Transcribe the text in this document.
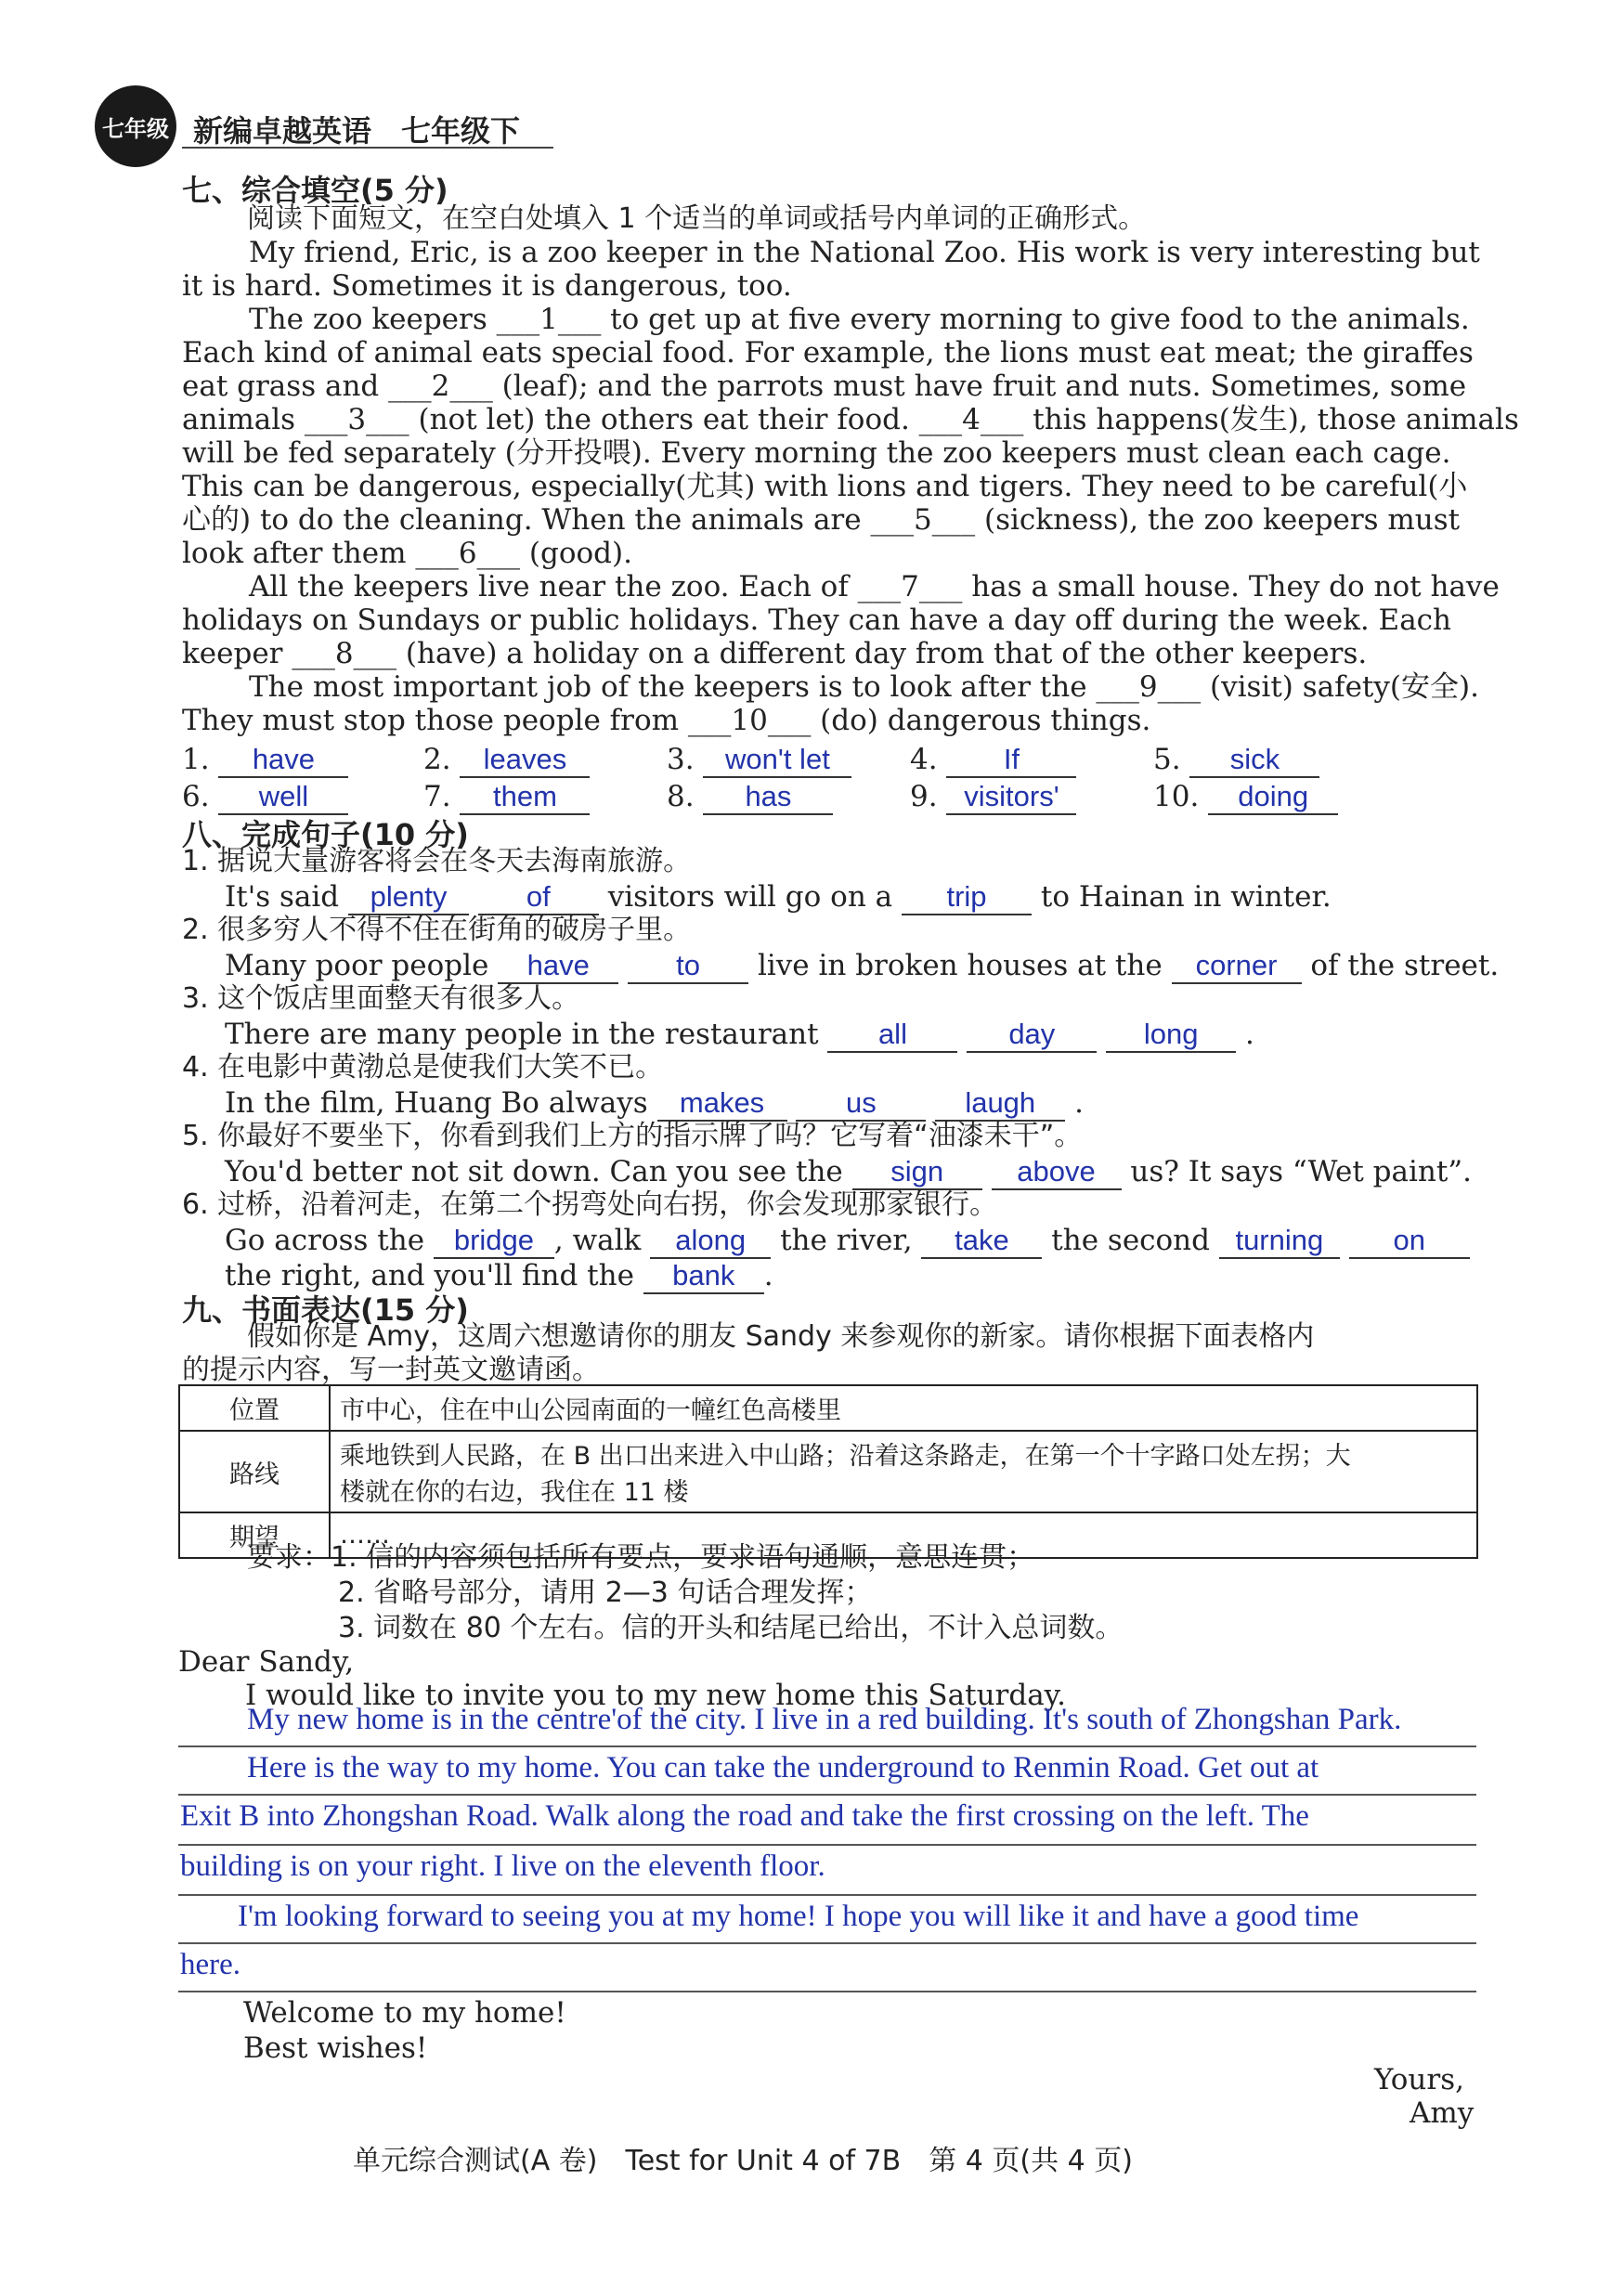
七年级 新编卓越英语　七年级下
七、综合填空(5 分)
阅读下面短文，在空白处填入 1 个适当的单词或括号内单词的正确形式。
My friend, Eric, is a zoo keeper in the National Zoo. His work is very interesting but
it is hard. Sometimes it is dangerous, too.
The zoo keepers ___1___ to get up at five every morning to give food to the animals.
Each kind of animal eats special food. For example, the lions must eat meat; the giraffes
eat grass and ___2___ (leaf); and the parrots must have fruit and nuts. Sometimes, some
animals ___3___ (not let) the others eat their food. ___4___ this happens(发生), those animals
will be fed separately (分开投喂). Every morning the zoo keepers must clean each cage.
This can be dangerous, especially(尤其) with lions and tigers. They need to be careful(小
心的) to do the cleaning. When the animals are ___5___ (sickness), the zoo keepers must
look after them ___6___ (good).
All the keepers live near the zoo. Each of ___7___ has a small house. They do not have
holidays on Sundays or public holidays. They can have a day off during the week. Each
keeper ___8___ (have) a holiday on a different day from that of the other keepers.
The most important job of the keepers is to look after the ___9___ (visit) safety(安全).
They must stop those people from ___10___ (do) dangerous things.
1. have	2. leaves	3. won't let	4. If	5. sick
6. well	7. them	8. has	9. visitors'	10. doing
八、完成句子(10 分)
1. 据说大量游客将会在冬天去海南旅游。
It's said plenty	of visitors will go on a trip to Hainan in winter.
2. 很多穷人不得不住在街角的破房子里。
Many poor people have	to live in broken houses at the corner of the street.
3. 这个饭店里面整天有很多人。
There are many people in the restaurant all	day	long .
4. 在电影中黄渤总是使我们大笑不已。
In the film, Huang Bo always makes	us	laugh .
5. 你最好不要坐下，你看到我们上方的指示牌了吗？它写着“油漆未干”。
You'd better not sit down. Can you see the sign	above us? It says “Wet paint”.
6. 过桥，沿着河走，在第二个拐弯处向右拐，你会发现那家银行。
Go across the bridge , walk along the river, take the second turning on
the right, and you'll find the bank .
九、书面表达(15 分)
假如你是 Amy，这周六想邀请你的朋友 Sandy 来参观你的新家。请你根据下面表格内
的提示内容，写一封英文邀请函。
位置	市中心，住在中山公园南面的一幢红色高楼里
路线	乘地铁到人民路，在 B 出口出来进入中山路；沿着这条路走，在第一个十字路口处左拐；大
楼就在你的右边，我住在 11 楼

期望	……
要求：1. 信的内容须包括所有要点，要求语句通顺，意思连贯；
2. 省略号部分，请用 2—3 句话合理发挥；
3. 词数在 80 个左右。信的开头和结尾已给出，不计入总词数。
Dear Sandy,
I would like to invite you to my new home this Saturday.
My new home is in the centre'of the city. I live in a red building. It's south of Zhongshan Park.
Here is the way to my home. You can take the underground to Renmin Road. Get out at
Exit B into Zhongshan Road. Walk along the road and take the first crossing on the left. The
building is on your right. I live on the eleventh floor.
I'm looking forward to seeing you at my home! I hope you will like it and have a good time
here.
Welcome to my home!
Best wishes!
Yours,
Amy
单元综合测试(A 卷)　Test for Unit 4 of 7B　第 4 页(共 4 页)
